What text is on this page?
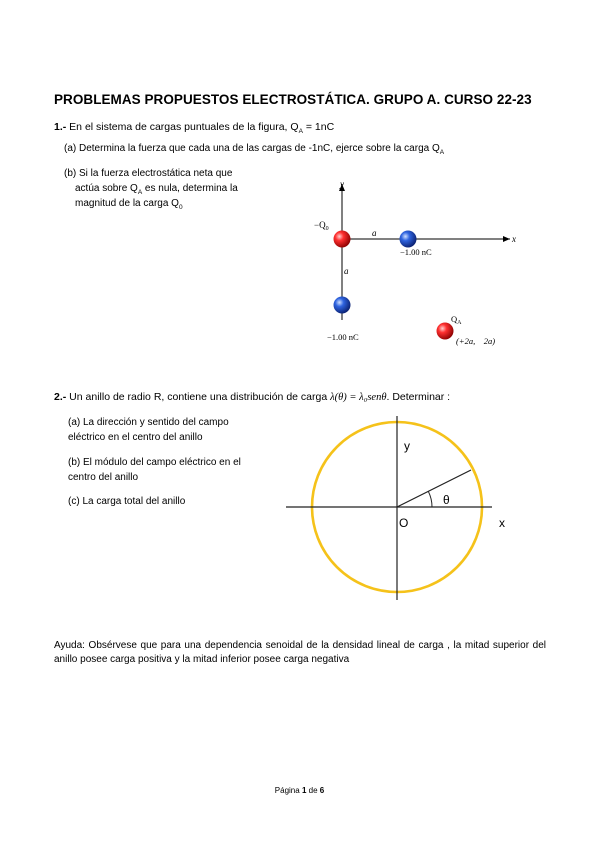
PROBLEMAS PROPUESTOS ELECTROSTÁTICA. GRUPO A. CURSO 22-23
1.- En el sistema de cargas puntuales de la figura, $Q_A = 1nC$
(a) Determina la fuerza que cada una de las cargas de -1nC, ejerce sobre la carga $Q_A$
(b) Si la fuerza electrostática neta que
actúa sobre $Q_A$ es nula, determina la
magnitud de la carga $Q_0$
y
x
$-Q_0$	a
a
−1.00 nC
−1.00 nC
$Q_A$
(+2a,    2a)
2.- Un anillo de radio R, contiene una distribución de carga λ(θ) = λ₀senθ. Determinar :
(a) La dirección y sentido del campo
eléctrico en el centro del anillo
(b) El módulo del campo eléctrico en el
centro del anillo
(c) La carga total del anillo
y
x
O
θ
Ayuda: Obsérvese que para una dependencia senoidal de la densidad lineal de carga , la mitad superior del anillo posee carga positiva y la mitad inferior posee carga negativa
Página 1 de 6
